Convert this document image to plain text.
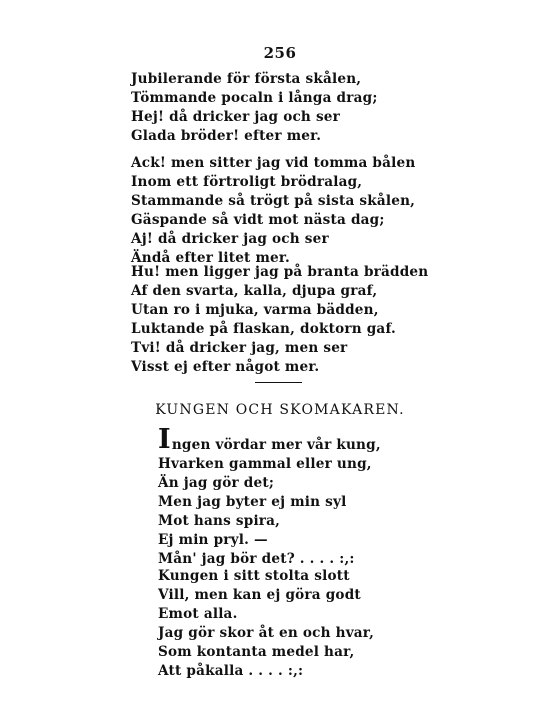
256
Jubilerande för första skålen,
Tömmande pocaln i långa drag;
Hej! då dricker jag och ser
Glada bröder! efter mer.
Ack! men sitter jag vid tomma bålen
Inom ett förtroligt brödralag,
Stammande så trögt på sista skålen,
Gäspande så vidt mot nästa dag;
Aj! då dricker jag och ser
Ändå efter litet mer.
Hu! men ligger jag på branta brädden
Af den svarta, kalla, djupa graf,
Utan ro i mjuka, varma bädden,
Luktande på flaskan, doktorn gaf.
Tvi! då dricker jag, men ser
Visst ej efter något mer.
KUNGEN OCH SKOMAKAREN.
Ingen vördar mer vår kung,
Hvarken gammal eller ung,
Än jag gör det;
Men jag byter ej min syl
Mot hans spira,
Ej min pryl. —
Mån' jag bör det? . . . . :,:
Kungen i sitt stolta slott
Vill, men kan ej göra godt
Emot alla.
Jag gör skor åt en och hvar,
Som kontanta medel har,
Att påkalla . . . . :,:
